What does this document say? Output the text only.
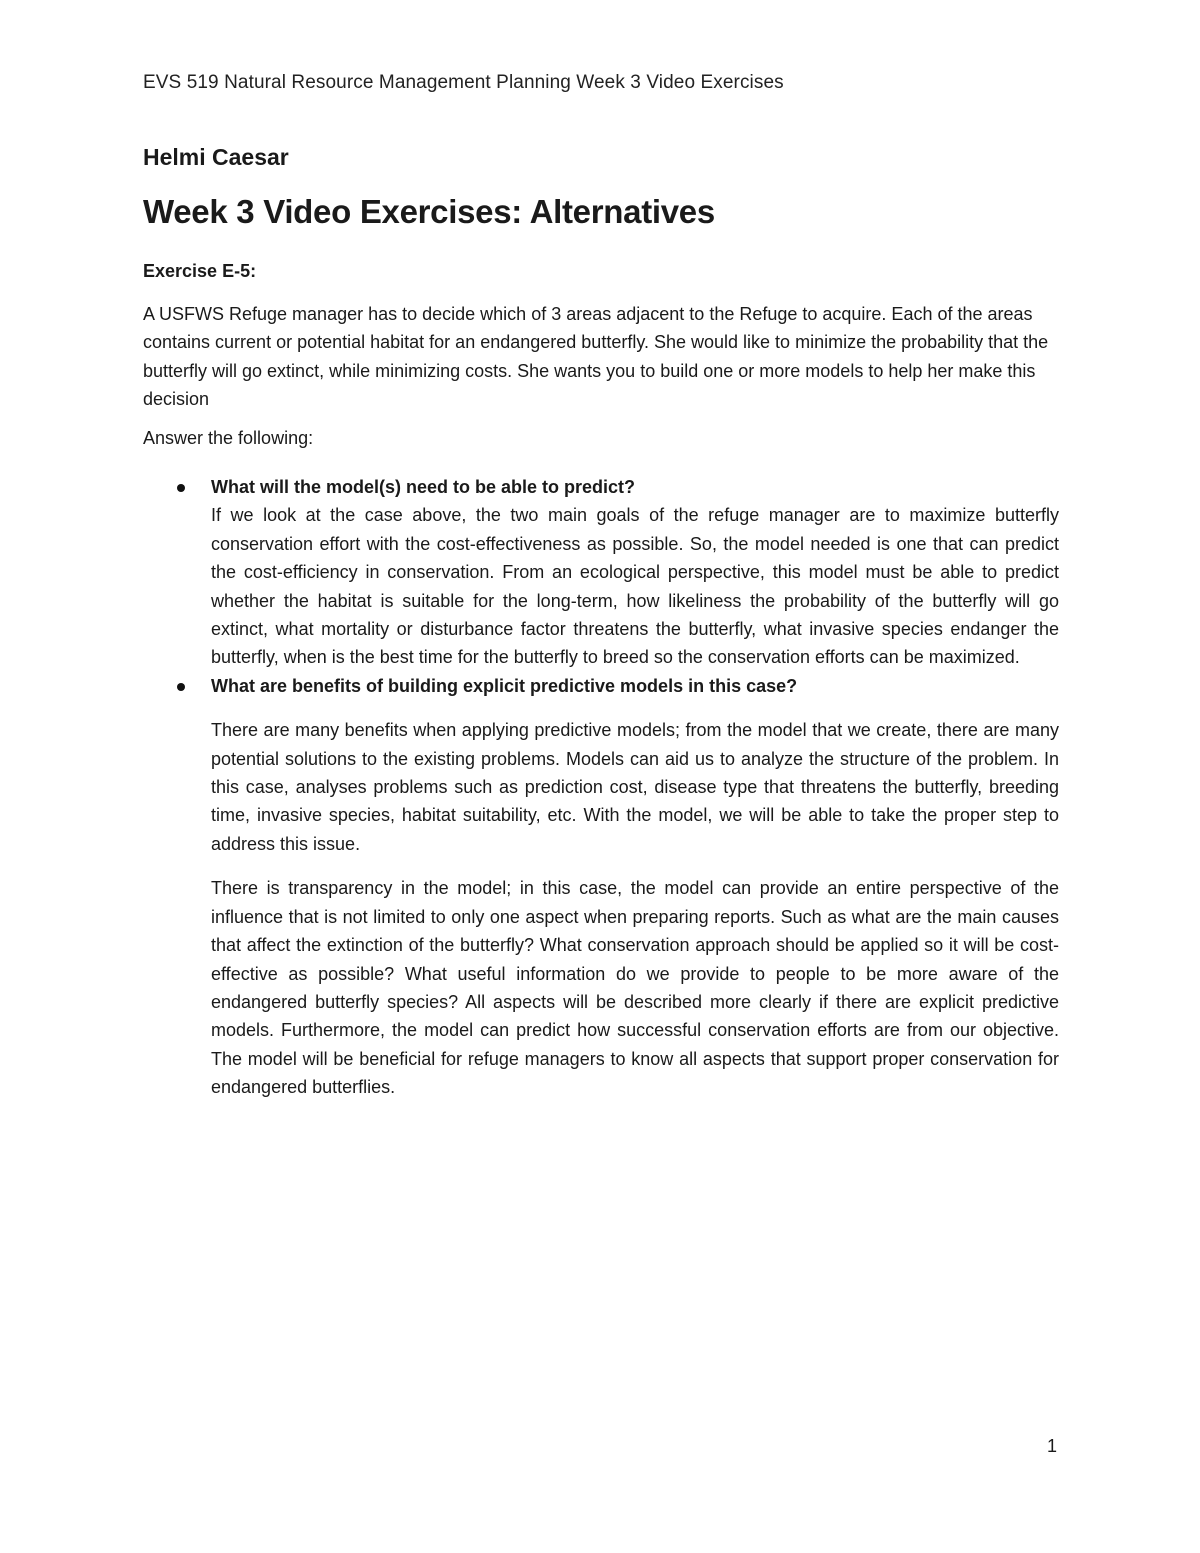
EVS 519 Natural Resource Management Planning Week 3 Video Exercises
Helmi Caesar
Week 3 Video Exercises: Alternatives
Exercise E-5:

A USFWS Refuge manager has to decide which of 3 areas adjacent to the Refuge to acquire. Each of the areas contains current or potential habitat for an endangered butterfly. She would like to minimize the probability that the butterfly will go extinct, while minimizing costs. She wants you to build one or more models to help her make this decision

Answer the following:

What will the model(s) need to be able to predict?

If we look at the case above, the two main goals of the refuge manager are to maximize butterfly conservation effort with the cost-effectiveness as possible. So, the model needed is one that can predict the cost-efficiency in conservation. From an ecological perspective, this model must be able to predict whether the habitat is suitable for the long-term, how likeliness the probability of the butterfly will go extinct, what mortality or disturbance factor threatens the butterfly, what invasive species endanger the butterfly, when is the best time for the butterfly to breed so the conservation efforts can be maximized.

What are benefits of building explicit predictive models in this case?

There are many benefits when applying predictive models; from the model that we create, there are many potential solutions to the existing problems. Models can aid us to analyze the structure of the problem. In this case, analyses problems such as prediction cost, disease type that threatens the butterfly, breeding time, invasive species, habitat suitability, etc. With the model, we will be able to take the proper step to address this issue.

There is transparency in the model; in this case, the model can provide an entire perspective of the influence that is not limited to only one aspect when preparing reports. Such as what are the main causes that affect the extinction of the butterfly? What conservation approach should be applied so it will be cost-effective as possible? What useful information do we provide to people to be more aware of the endangered butterfly species? All aspects will be described more clearly if there are explicit predictive models. Furthermore, the model can predict how successful conservation efforts are from our objective. The model will be beneficial for refuge managers to know all aspects that support proper conservation for endangered butterflies.

1
